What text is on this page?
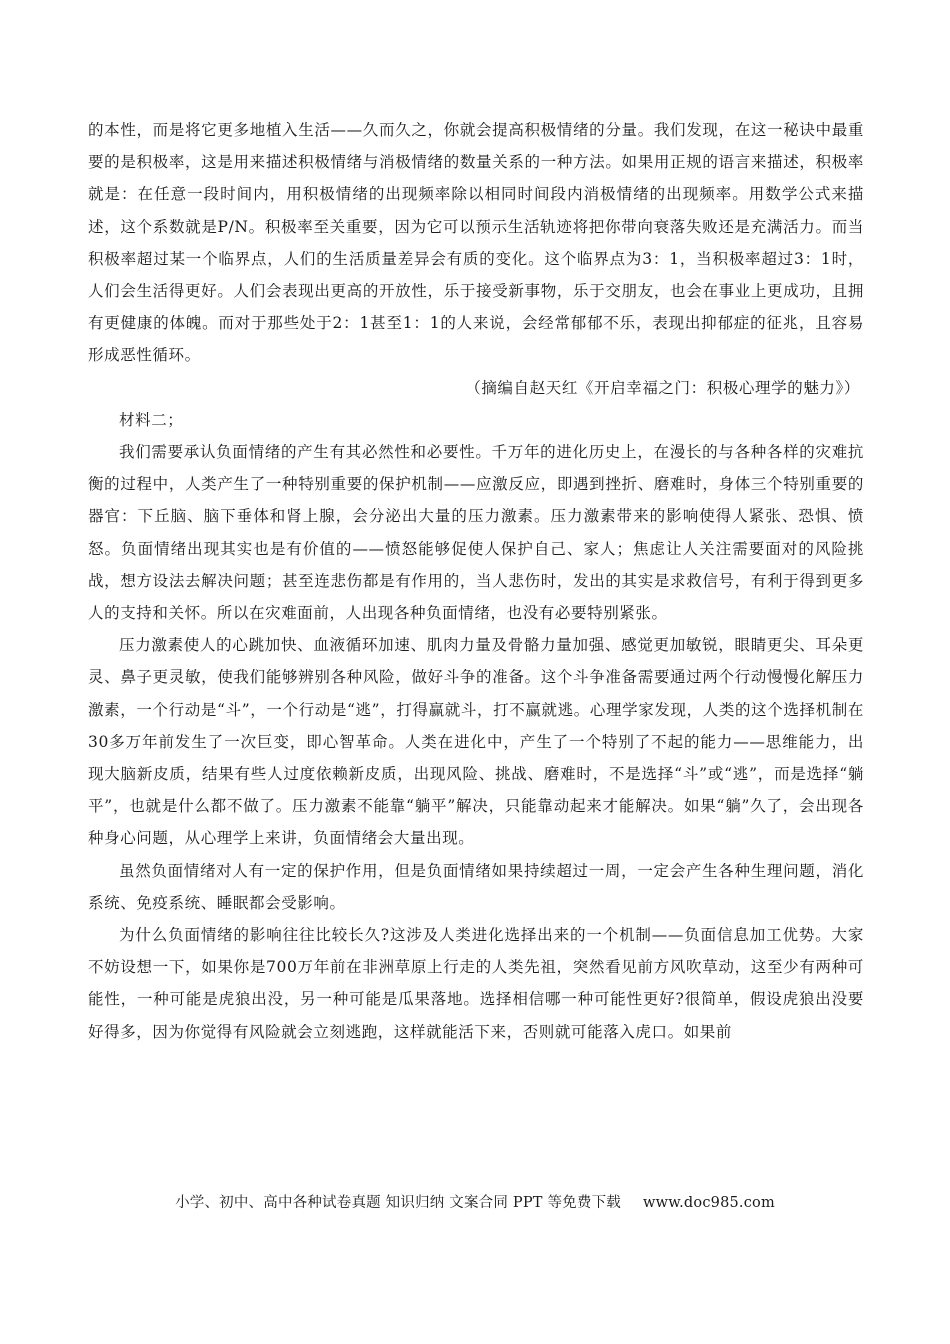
的本性，而是将它更多地植入生活——久而久之，你就会提高积极情绪的分量。我们发现，在这一秘诀中最重要的是积极率，这是用来描述积极情绪与消极情绪的数量关系的一种方法。如果用正规的语言来描述，积极率就是：在任意一段时间内，用积极情绪的出现频率除以相同时间段内消极情绪的出现频率。用数学公式来描述，这个系数就是P/N。积极率至关重要，因为它可以预示生活轨迹将把你带向衰落失败还是充满活力。而当积极率超过某一个临界点，人们的生活质量差异会有质的变化。这个临界点为3：1，当积极率超过3：1时，人们会生活得更好。人们会表现出更高的开放性，乐于接受新事物，乐于交朋友，也会在事业上更成功，且拥有更健康的体魄。而对于那些处于2：1甚至1：1的人来说，会经常郁郁不乐，表现出抑郁症的征兆，且容易形成恶性循环。

（摘编自赵天红《开启幸福之门：积极心理学的魅力》）

材料二；

我们需要承认负面情绪的产生有其必然性和必要性。千万年的进化历史上，在漫长的与各种各样的灾难抗衡的过程中，人类产生了一种特别重要的保护机制——应激反应，即遇到挫折、磨难时，身体三个特别重要的器官：下丘脑、脑下垂体和肾上腺，会分泌出大量的压力激素。压力激素带来的影响使得人紧张、恐惧、愤怒。负面情绪出现其实也是有价值的——愤怒能够促使人保护自己、家人；焦虑让人关注需要面对的风险挑战，想方设法去解决问题；甚至连悲伤都是有作用的，当人悲伤时，发出的其实是求救信号，有利于得到更多人的支持和关怀。所以在灾难面前，人出现各种负面情绪，也没有必要特别紧张。

压力激素使人的心跳加快、血液循环加速、肌肉力量及骨骼力量加强、感觉更加敏锐，眼睛更尖、耳朵更灵、鼻子更灵敏，使我们能够辨别各种风险，做好斗争的准备。这个斗争准备需要通过两个行动慢慢化解压力激素，一个行动是“斗”，一个行动是“逃”，打得赢就斗，打不赢就逃。心理学家发现，人类的这个选择机制在30多万年前发生了一次巨变，即心智革命。人类在进化中，产生了一个特别了不起的能力——思维能力，出现大脑新皮质，结果有些人过度依赖新皮质，出现风险、挑战、磨难时，不是选择“斗”或“逃”，而是选择“躺平”，也就是什么都不做了。压力激素不能靠“躺平”解决，只能靠动起来才能解决。如果“躺”久了，会出现各种身心问题，从心理学上来讲，负面情绪会大量出现。

虽然负面情绪对人有一定的保护作用，但是负面情绪如果持续超过一周，一定会产生各种生理问题，消化系统、免疫系统、睡眠都会受影响。

为什么负面情绪的影响往往比较长久?这涉及人类进化选择出来的一个机制——负面信息加工优势。大家不妨设想一下，如果你是700万年前在非洲草原上行走的人类先祖，突然看见前方风吹草动，这至少有两种可能性，一种可能是虎狼出没，另一种可能是瓜果落地。选择相信哪一种可能性更好?很简单，假设虎狼出没要好得多，因为你觉得有风险就会立刻逃跑，这样就能活下来，否则就可能落入虎口。如果前

小学、初中、高中各种试卷真题 知识归纳 文案合同 PPT 等免费下载 www.doc985.com
